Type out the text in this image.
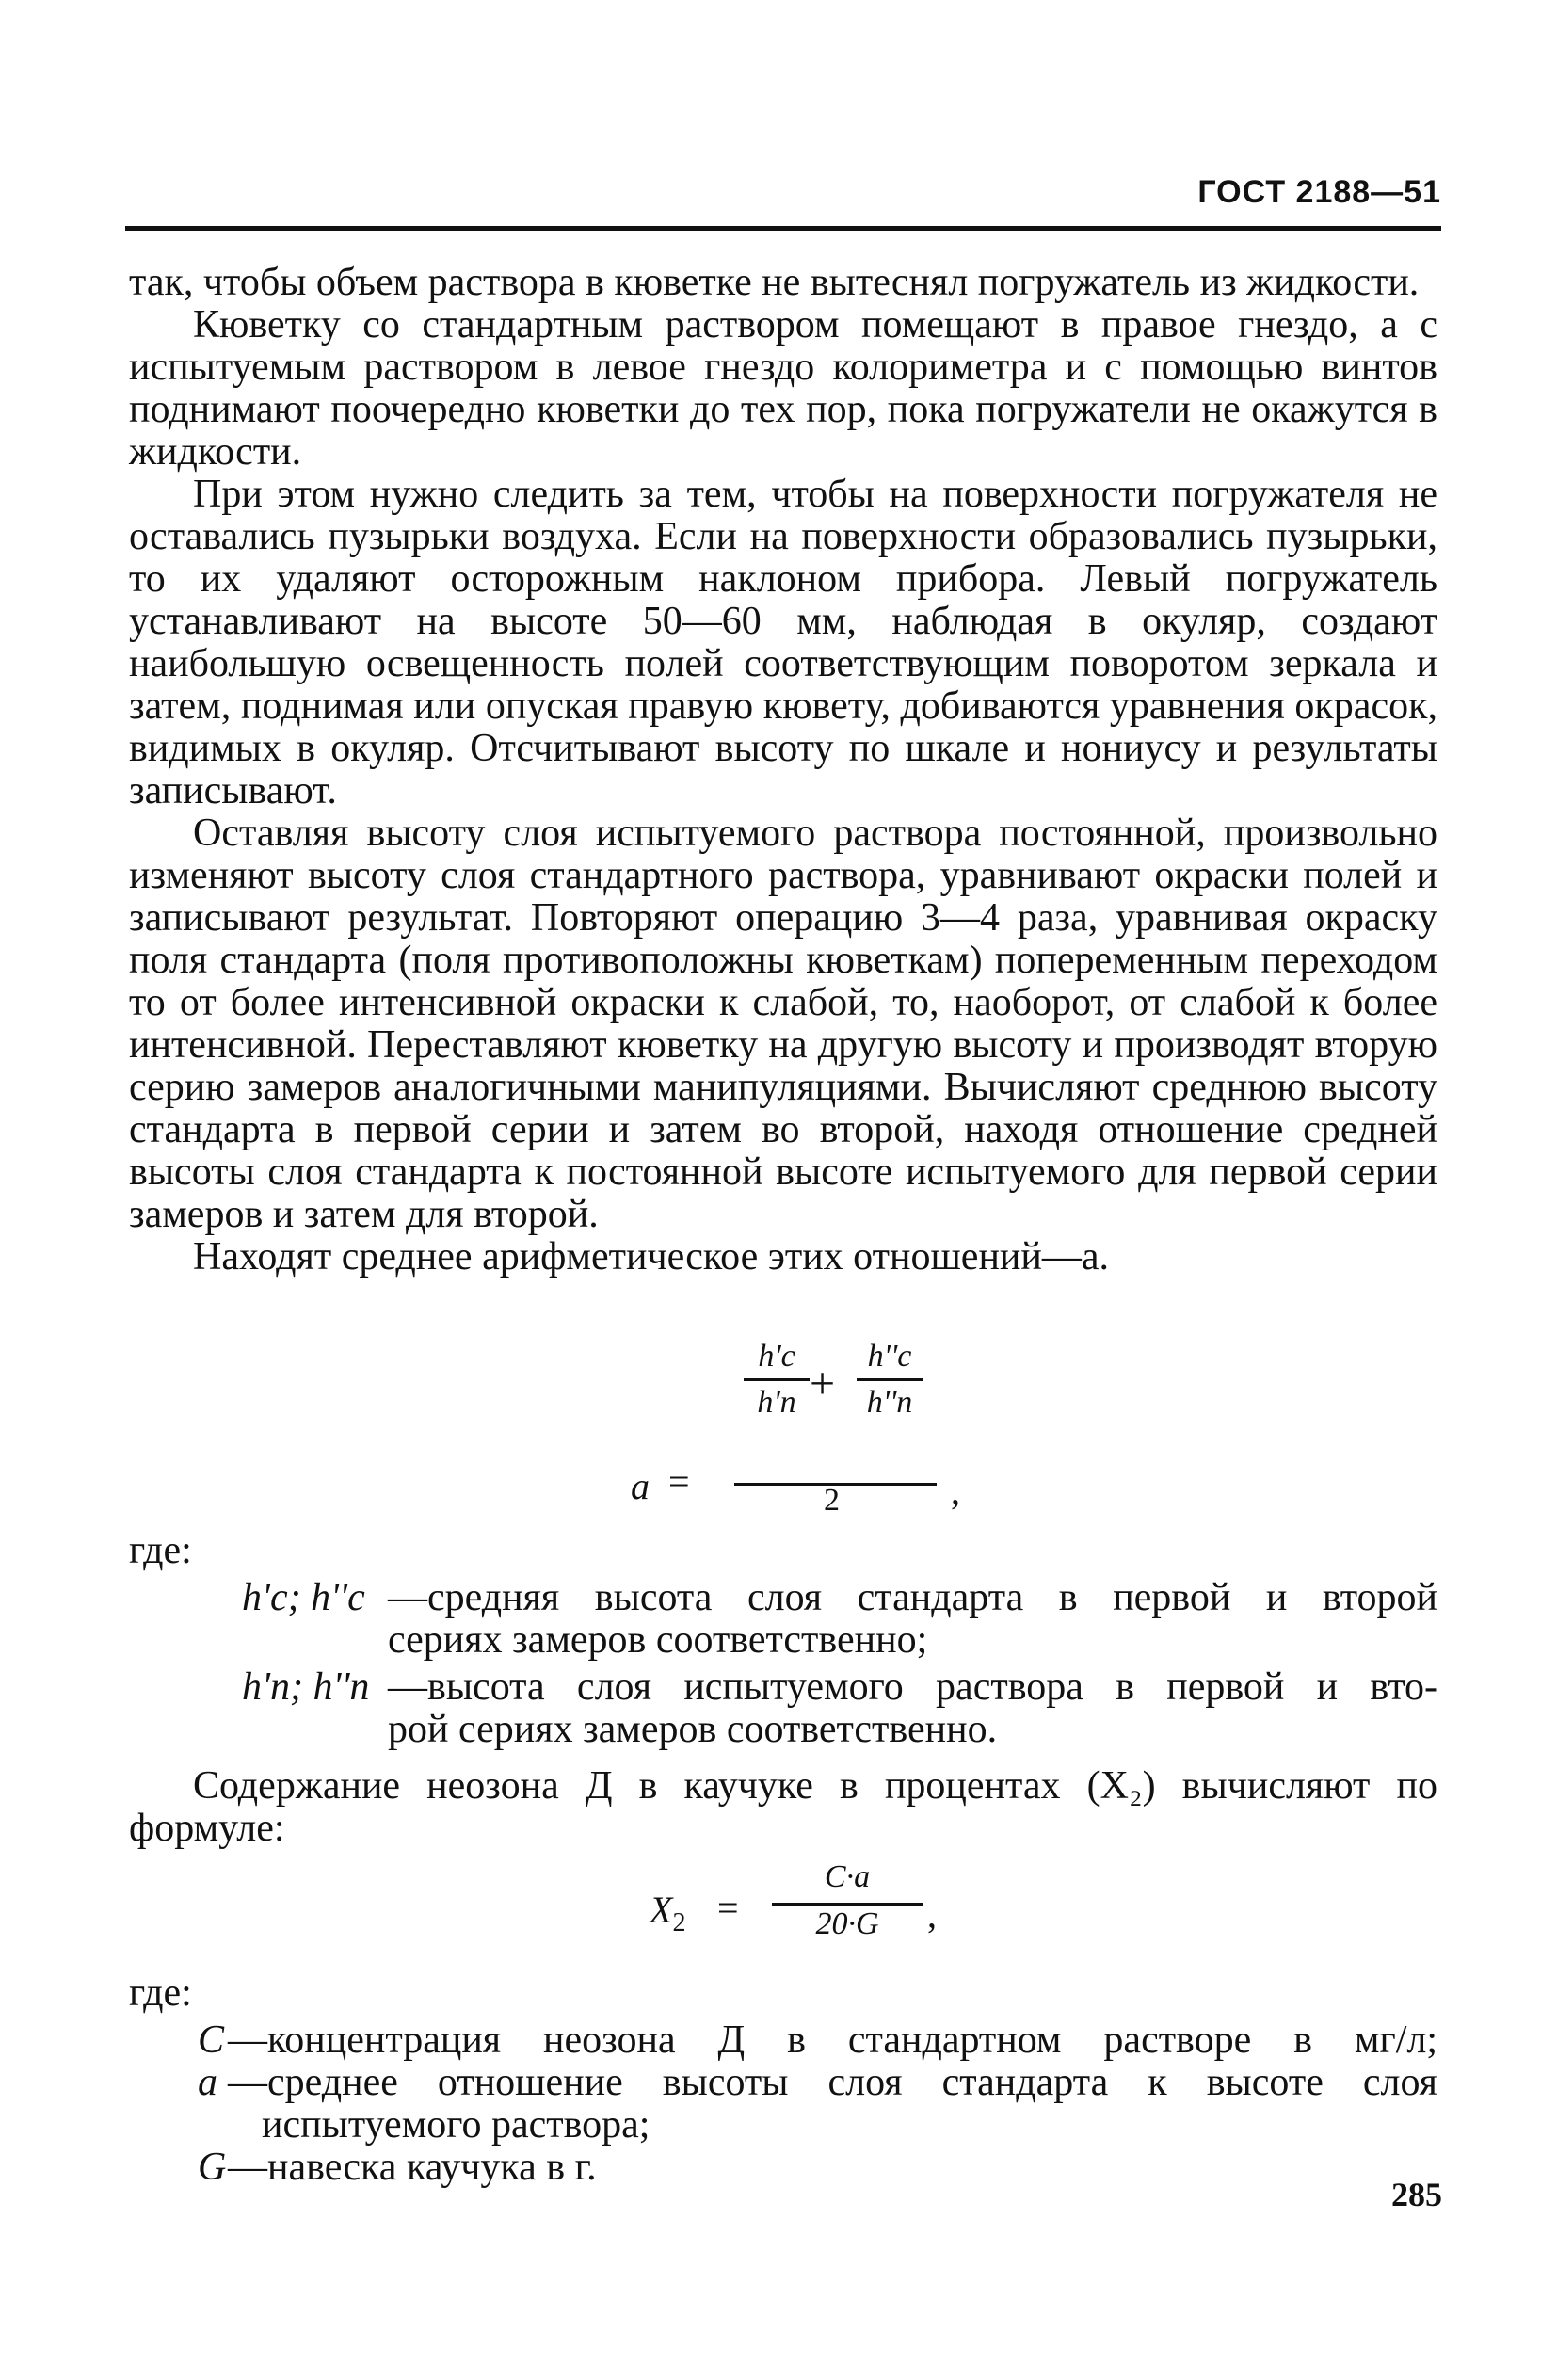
ГОСТ 2188—51

так, чтобы объем раствора в кюветке не вытеснял погружатель из жидкости.

Кюветку со стандартным раствором помещают в правое гнездо, а с испытуемым раствором в левое гнездо колориметра и с помощью винтов поднимают поочередно кюветки до тех пор, пока погружатели не окажутся в жидкости.

При этом нужно следить за тем, чтобы на поверхности погружателя не оставались пузырьки воздуха. Если на поверхности образовались пузырьки, то их удаляют осторожным наклоном прибора. Левый погружатель устанавливают на высоте 50—60 мм, наблюдая в окуляр, создают наибольшую освещенность полей соответствующим поворотом зеркала и затем, поднимая или опуская правую кювету, добиваются уравнения окрасок, видимых в окуляр. Отсчитывают высоту по шкале и нониусу и результаты записывают.

Оставляя высоту слоя испытуемого раствора постоянной, произвольно изменяют высоту слоя стандартного раствора, уравнивают окраски полей и записывают результат. Повторяют операцию 3—4 раза, уравнивая окраску поля стандарта (поля противоположны кюветкам) попеременным переходом то от более интенсивной окраски к слабой, то, наоборот, от слабой к более интенсивной. Переставляют кюветку на другую высоту и производят вторую серию замеров аналогичными манипуляциями. Вычисляют среднюю высоту стандарта в первой серии и затем во второй, находя отношение средней высоты слоя стандарта к постоянной высоте испытуемого для первой серии замеров и затем для второй.

Находят среднее арифметическое этих отношений—а.

h'c
h'п +
h''c
h''п
а =	2	,

где:

h'c; h''c —средняя высота слоя стандарта в первой и второй
сериях замеров соответственно;
h'п; h''п —высота слоя испытуемого раствора в первой и вто-
рой сериях замеров соответственно.

Содержание неозона Д в каучуке в процентах (X₂) вычисляют по формуле:

$X_2$ =
C·a
20·G	,

где:

C —концентрация неозона Д в стандартном растворе в мг/л;
a —среднее отношение высоты слоя стандарта к высоте слоя
испытуемого раствора;
G —навеска каучука в г.
285
